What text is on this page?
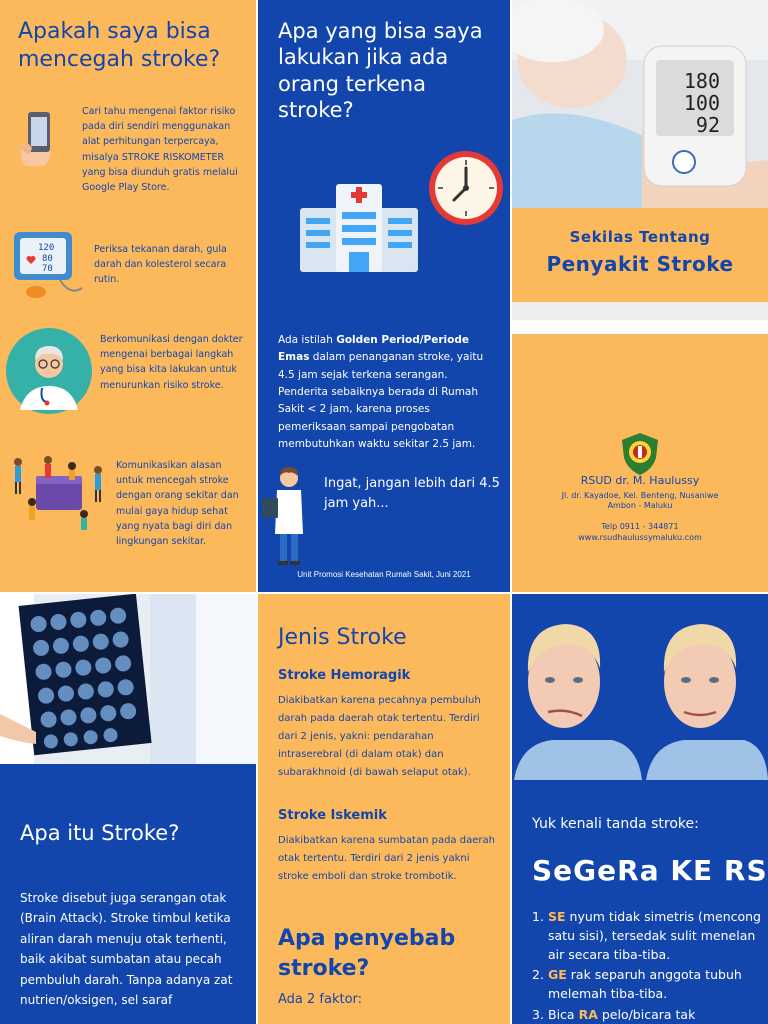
Apakah saya bisa mencegah stroke?
Cari tahu mengenai faktor risiko pada diri sendiri menggunakan alat perhitungan terpercaya, misalya STROKE RISKOMETER yang bisa diunduh gratis melalui Google Play Store.
120
80
70
Periksa tekanan darah, gula darah dan kolesterol secara rutin.
Berkomunikasi dengan dokter mengenai berbagai langkah yang bisa kita lakukan untuk menurunkan risiko stroke.
Komunikasikan alasan untuk mencegah stroke dengan orang sekitar dan mulai gaya hidup sehat yang nyata bagi diri dan lingkungan sekitar.
Apa yang bisa saya lakukan jika ada orang terkena stroke?

Ada istilah Golden Period/Periode Emas dalam penanganan stroke, yaitu 4.5 jam sejak terkena serangan. Penderita sebaiknya berada di Rumah Sakit < 2 jam, karena proses pemeriksaan sampai pengobatan membutuhkan waktu sekitar 2.5 jam.

Ingat, jangan lebih dari 4.5 jam yah...

Unit Promosi Kesehatan Rumah Sakit, Juni 2021

180
100
92
Sekilas Tentang
Penyakit Stroke
RSUD dr. M. Haulussy
Jl. dr. Kayadoe, Kel. Benteng, Nusaniwe
Ambon - Maluku
Telp 0911 - 344871
www.rsudhaulussymaluku.com
Apa itu Stroke?

Stroke disebut juga serangan otak (Brain Attack). Stroke timbul ketika aliran darah menuju otak terhenti, baik akibat sumbatan atau pecah pembuluh darah. Tanpa adanya zat nutrien/oksigen, sel saraf

Jenis Stroke
Stroke Hemoragik

Diakibatkan karena pecahnya pembuluh darah pada daerah otak tertentu. Terdiri dari 2 jenis, yakni: pendarahan intraserebral (di dalam otak) dan subarakhnoid (di bawah selaput otak).

Stroke Iskemik

Diakibatkan karena sumbatan pada daerah otak tertentu. Terdiri dari 2 jenis yakni stroke emboli dan stroke trombotik.

Apa penyebab stroke?

Ada 2 faktor:

Yuk kenali tanda stroke:

SeGeRa KE RS

1. SE nyum tidak simetris (mencong satu sisi), tersedak sulit menelan air secara tiba-tiba.
2. GE rak separuh anggota tubuh melemah tiba-tiba.
3. Bica RA pelo/bicara tak
